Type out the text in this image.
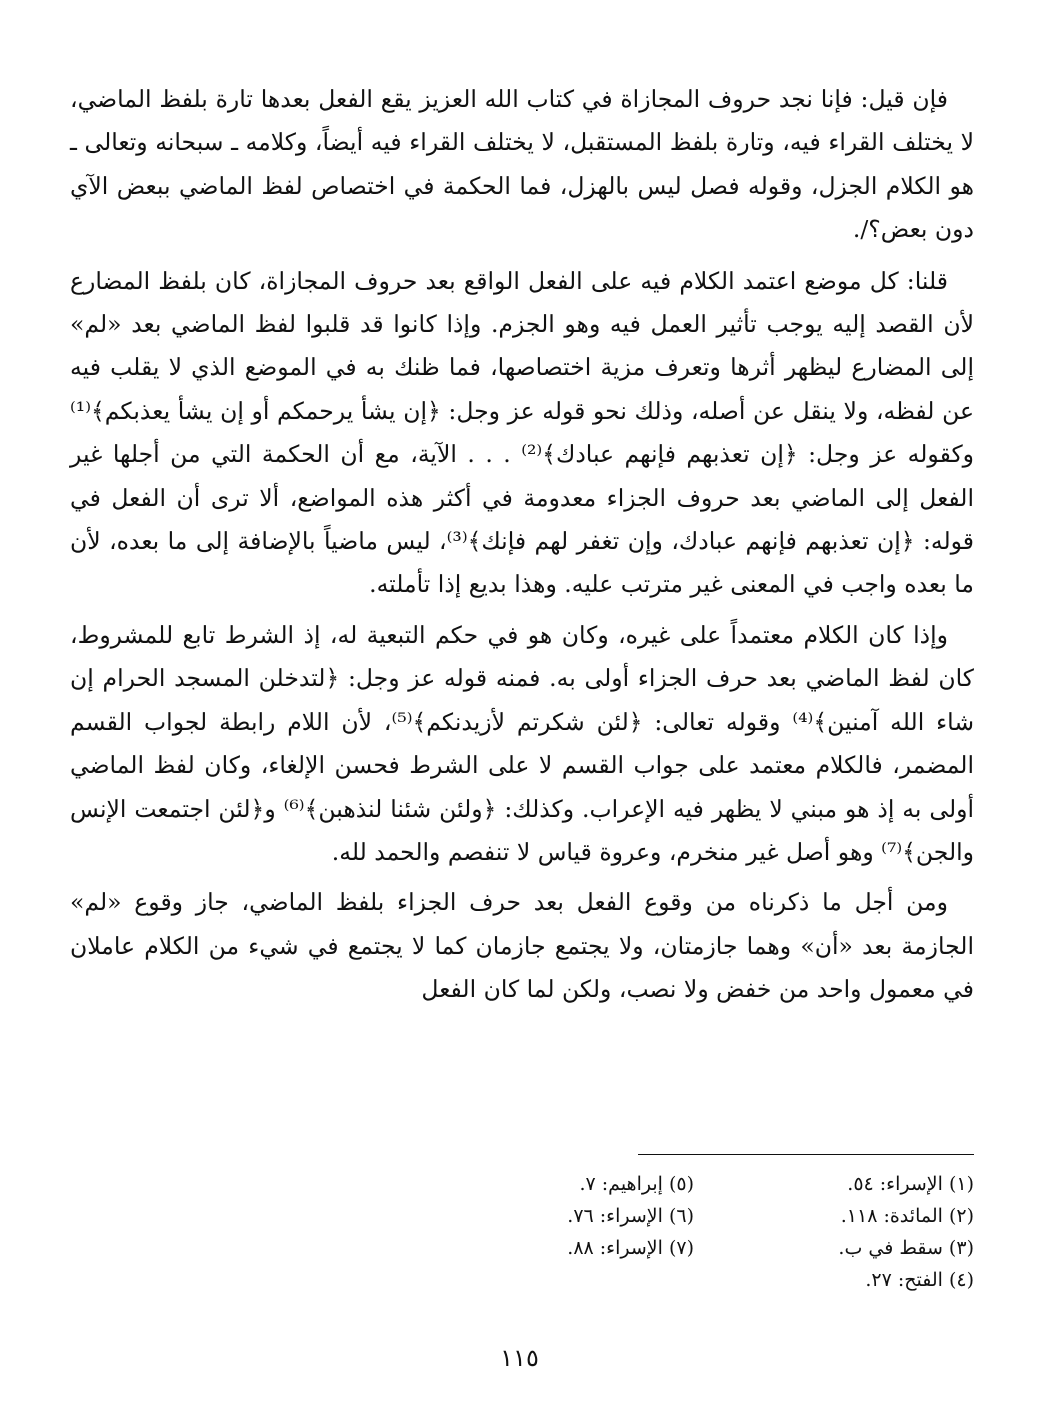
فإن قيل: فإنا نجد حروف المجازاة في كتاب الله العزيز يقع الفعل بعدها تارة بلفظ الماضي، لا يختلف القراء فيه، وتارة بلفظ المستقبل، لا يختلف القراء فيه أيضاً، وكلامه ـ سبحانه وتعالى ـ هو الكلام الجزل، وقوله فصل ليس بالهزل، فما الحكمة في اختصاص لفظ الماضي ببعض الآي دون بعض؟/.

قلنا: كل موضع اعتمد الكلام فيه على الفعل الواقع بعد حروف المجازاة، كان بلفظ المضارع لأن القصد إليه يوجب تأثير العمل فيه وهو الجزم. وإذا كانوا قد قلبوا لفظ الماضي بعد «لم» إلى المضارع ليظهر أثرها وتعرف مزية اختصاصها، فما ظنك به في الموضع الذي لا يقلب فيه عن لفظه، ولا ينقل عن أصله، وذلك نحو قوله عز وجل: ﴿إن يشأ يرحمكم أو إن يشأ يعذبكم﴾⁽¹⁾ وكقوله عز وجل: ﴿إن تعذبهم فإنهم عبادك﴾⁽²⁾ . . . الآية، مع أن الحكمة التي من أجلها غير الفعل إلى الماضي بعد حروف الجزاء معدومة في أكثر هذه المواضع، ألا ترى أن الفعل في قوله: ﴿إن تعذبهم فإنهم عبادك، وإن تغفر لهم فإنك﴾⁽³⁾، ليس ماضياً بالإضافة إلى ما بعده، لأن ما بعده واجب في المعنى غير مترتب عليه. وهذا بديع إذا تأملته.

وإذا كان الكلام معتمداً على غيره، وكان هو في حكم التبعية له، إذ الشرط تابع للمشروط، كان لفظ الماضي بعد حرف الجزاء أولى به. فمنه قوله عز وجل: ﴿لتدخلن المسجد الحرام إن شاء الله آمنين﴾⁽⁴⁾ وقوله تعالى: ﴿لئن شكرتم لأزيدنكم﴾⁽⁵⁾، لأن اللام رابطة لجواب القسم المضمر، فالكلام معتمد على جواب القسم لا على الشرط فحسن الإلغاء، وكان لفظ الماضي أولى به إذ هو مبني لا يظهر فيه الإعراب. وكذلك: ﴿ولئن شئنا لنذهبن﴾⁽⁶⁾ و﴿لئن اجتمعت الإنس والجن﴾⁽⁷⁾ وهو أصل غير منخرم، وعروة قياس لا تنفصم والحمد لله.

ومن أجل ما ذكرناه من وقوع الفعل بعد حرف الجزاء بلفظ الماضي، جاز وقوع «لم» الجازمة بعد «أن» وهما جازمتان، ولا يجتمع جازمان كما لا يجتمع في شيء من الكلام عاملان في معمول واحد من خفض ولا نصب، ولكن لما كان الفعل

(١) الإسراء: ٥٤.
(٢) المائدة: ١١٨.
(٣) سقط في ب.
(٤) الفتح: ٢٧.
(٥) إبراهيم: ٧.
(٦) الإسراء: ٧٦.
(٧) الإسراء: ٨٨.
١١٥
